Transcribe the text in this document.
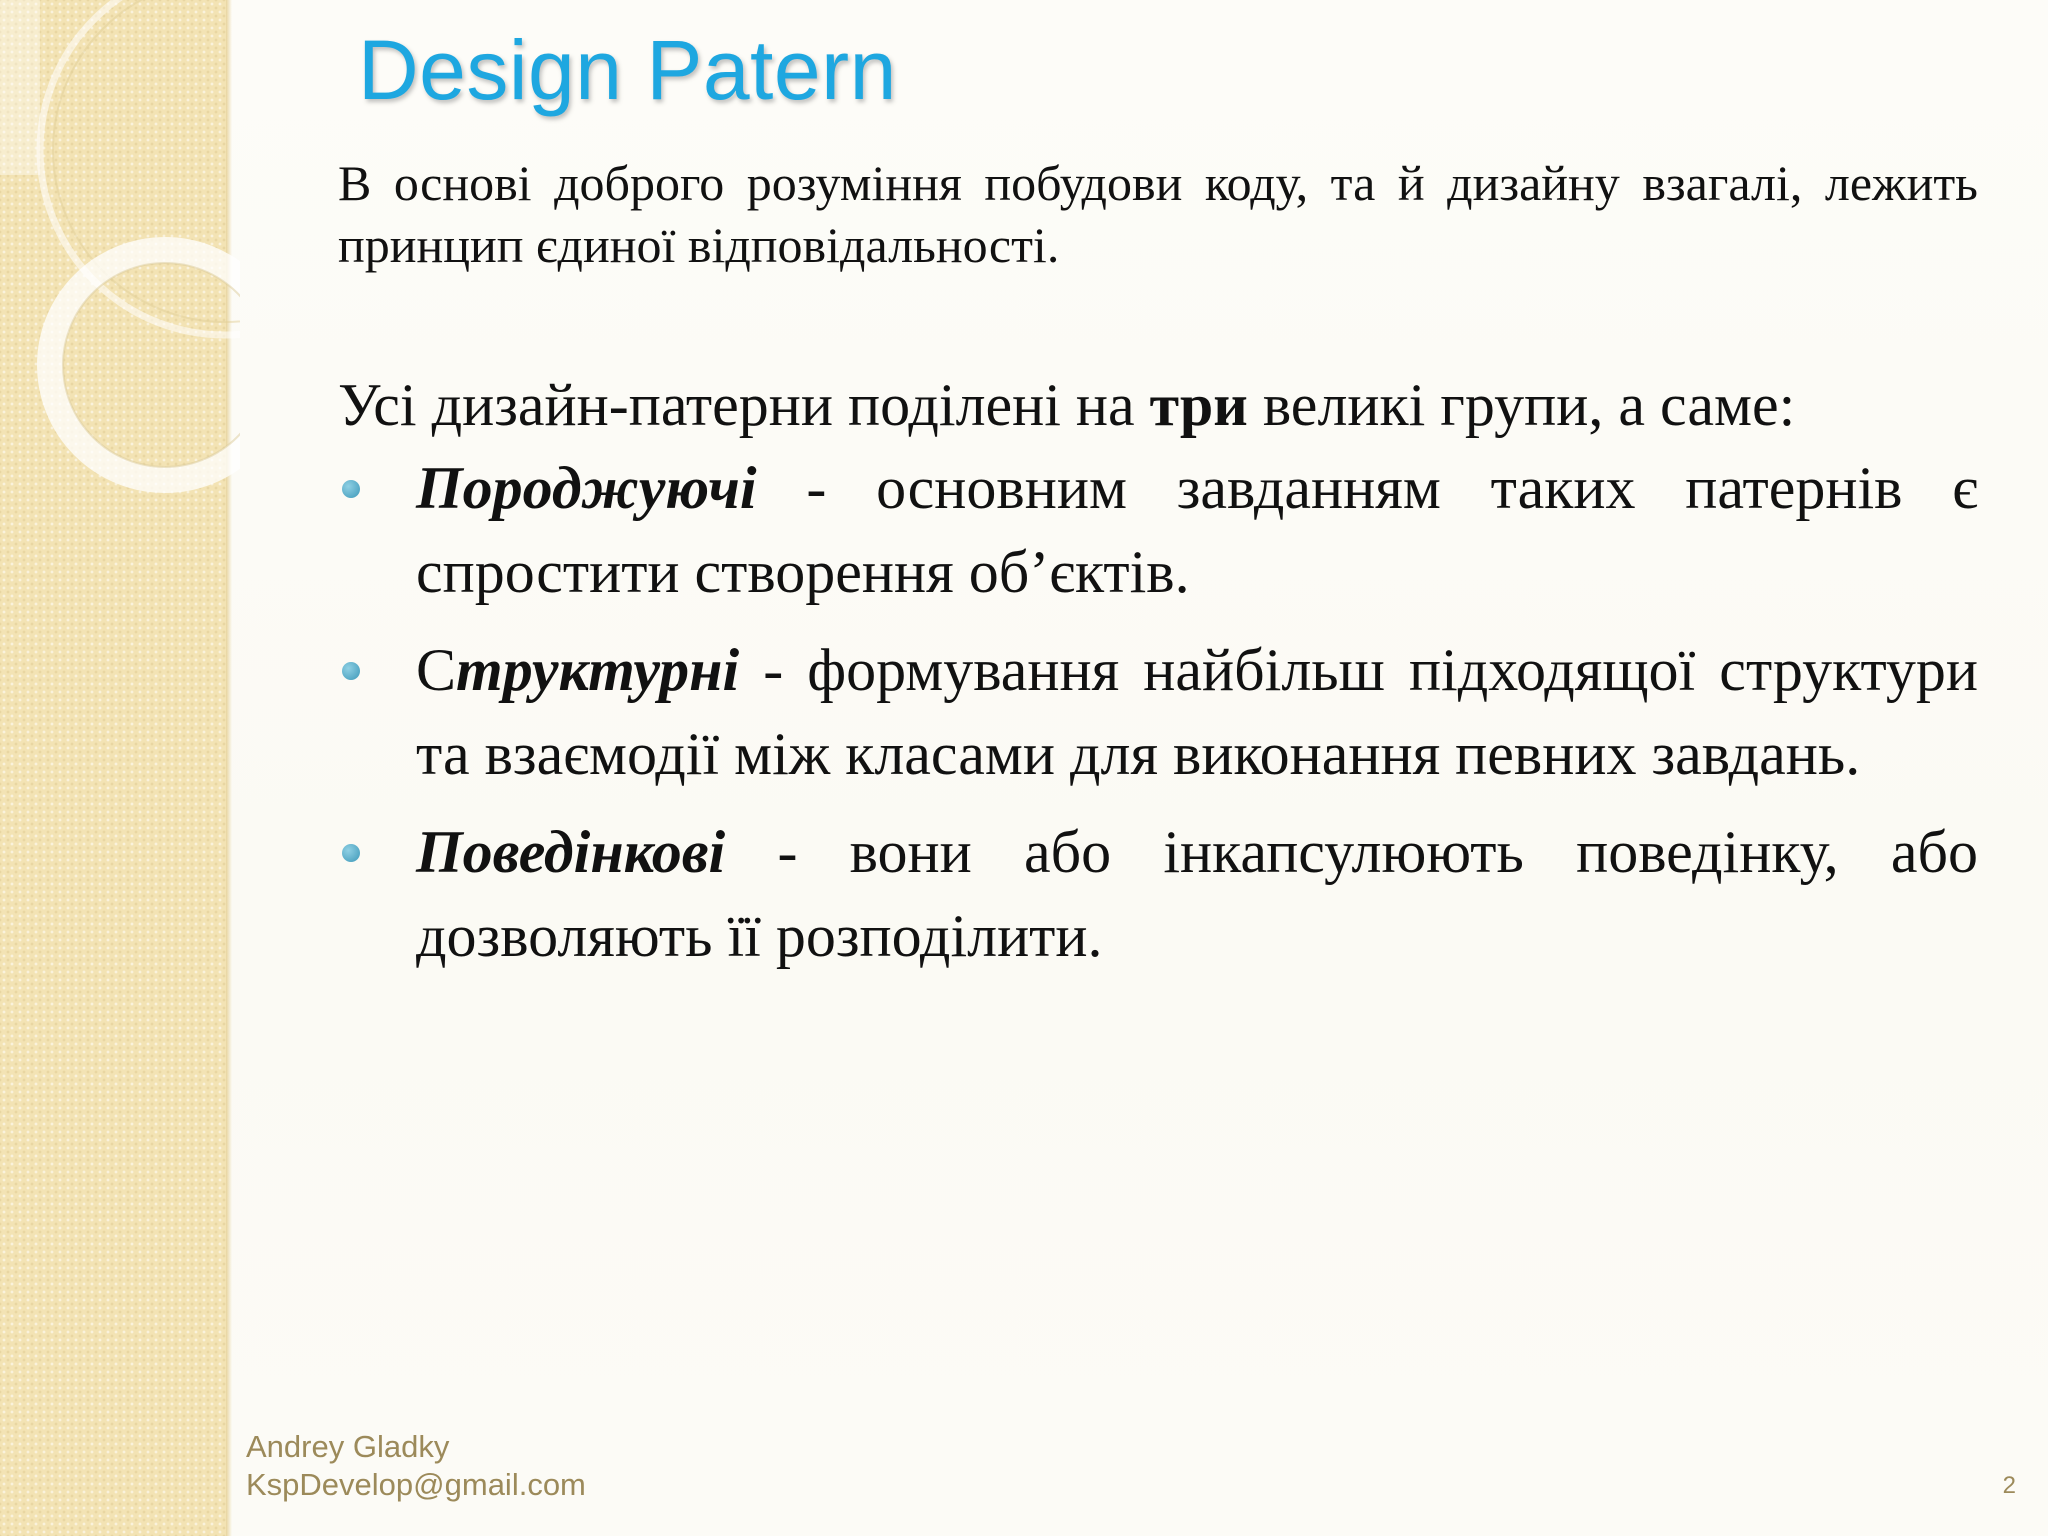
Design Patern

В основі доброго розуміння побудови коду, та й дизайну взагалі, лежить принцип єдиної відповідальності.

Усі дизайн-патерни поділені на три великі групи, а саме:

Породжуючі - основним завданням таких патернів є спростити створення об’єктів.
Структурні - формування найбільш підходящої структури та взаємодії між класами для виконання певних завдань.
Поведінкові - вони або інкапсулюють поведінку, або дозволяють її розподілити.
Andrey Gladky
KspDevelop@gmail.com	2
